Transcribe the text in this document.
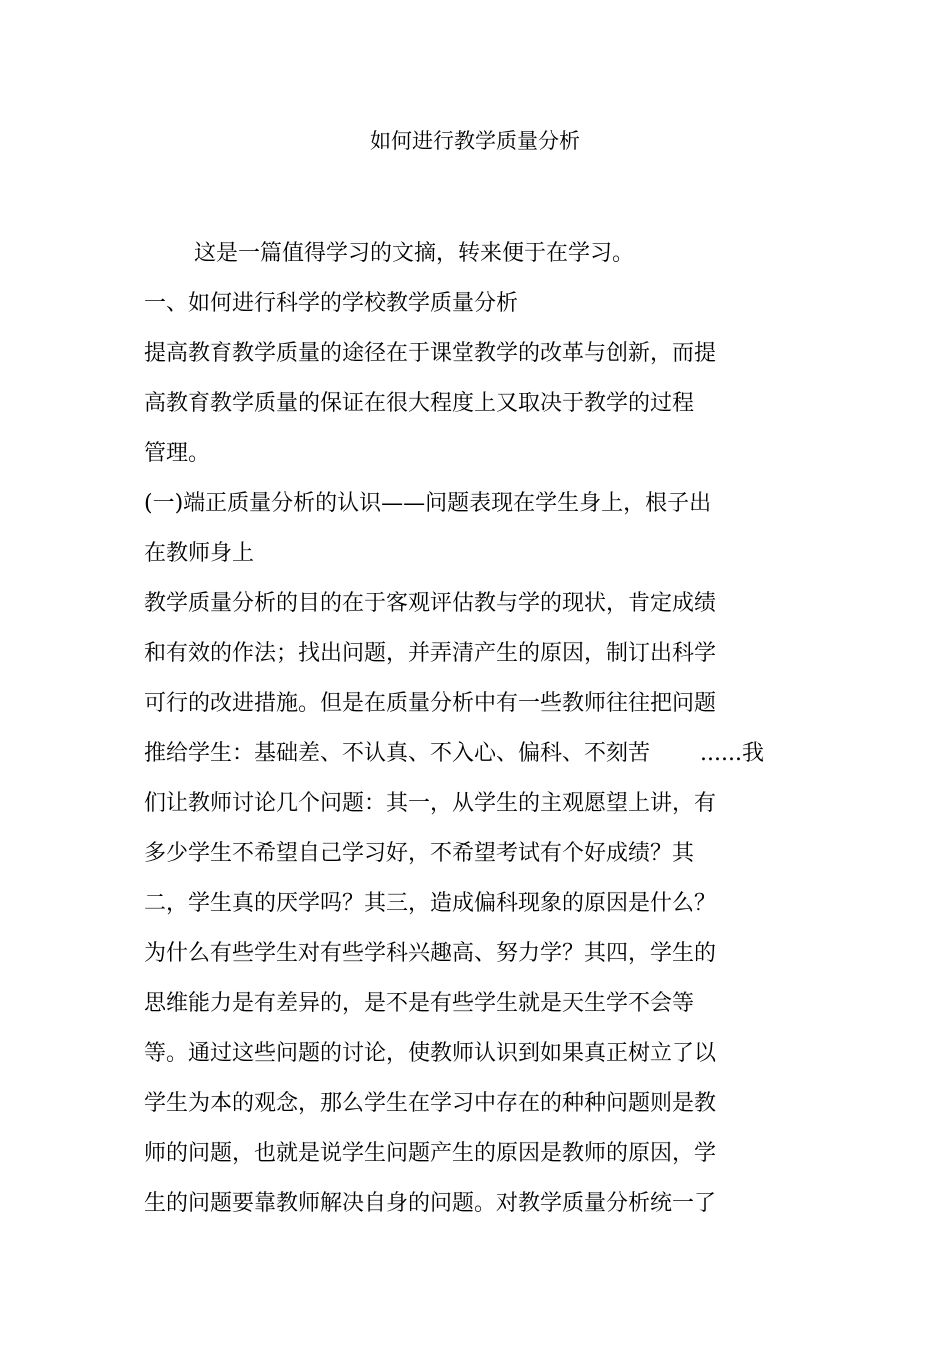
如何进行教学质量分析
这是一篇值得学习的文摘，转来便于在学习。
一、如何进行科学的学校教学质量分析
提高教育教学质量的途径在于课堂教学的改革与创新，而提
高教育教学质量的保证在很大程度上又取决于教学的过程
管理。
(一)端正质量分析的认识——问题表现在学生身上，根子出
在教师身上
教学质量分析的目的在于客观评估教与学的现状，肯定成绩
和有效的作法；找出问题，并弄清产生的原因，制订出科学
可行的改进措施。但是在质量分析中有一些教师往往把问题
推给学生：基础差、不认真、不入心、偏科、不刻苦 ......我
们让教师讨论几个问题：其一，从学生的主观愿望上讲，有
多少学生不希望自己学习好，不希望考试有个好成绩？其
二，学生真的厌学吗？其三，造成偏科现象的原因是什么？
为什么有些学生对有些学科兴趣高、努力学？其四，学生的
思维能力是有差异的，是不是有些学生就是天生学不会等
等。通过这些问题的讨论，使教师认识到如果真正树立了以
学生为本的观念，那么学生在学习中存在的种种问题则是教
师的问题，也就是说学生问题产生的原因是教师的原因，学
生的问题要靠教师解决自身的问题。对教学质量分析统一了
